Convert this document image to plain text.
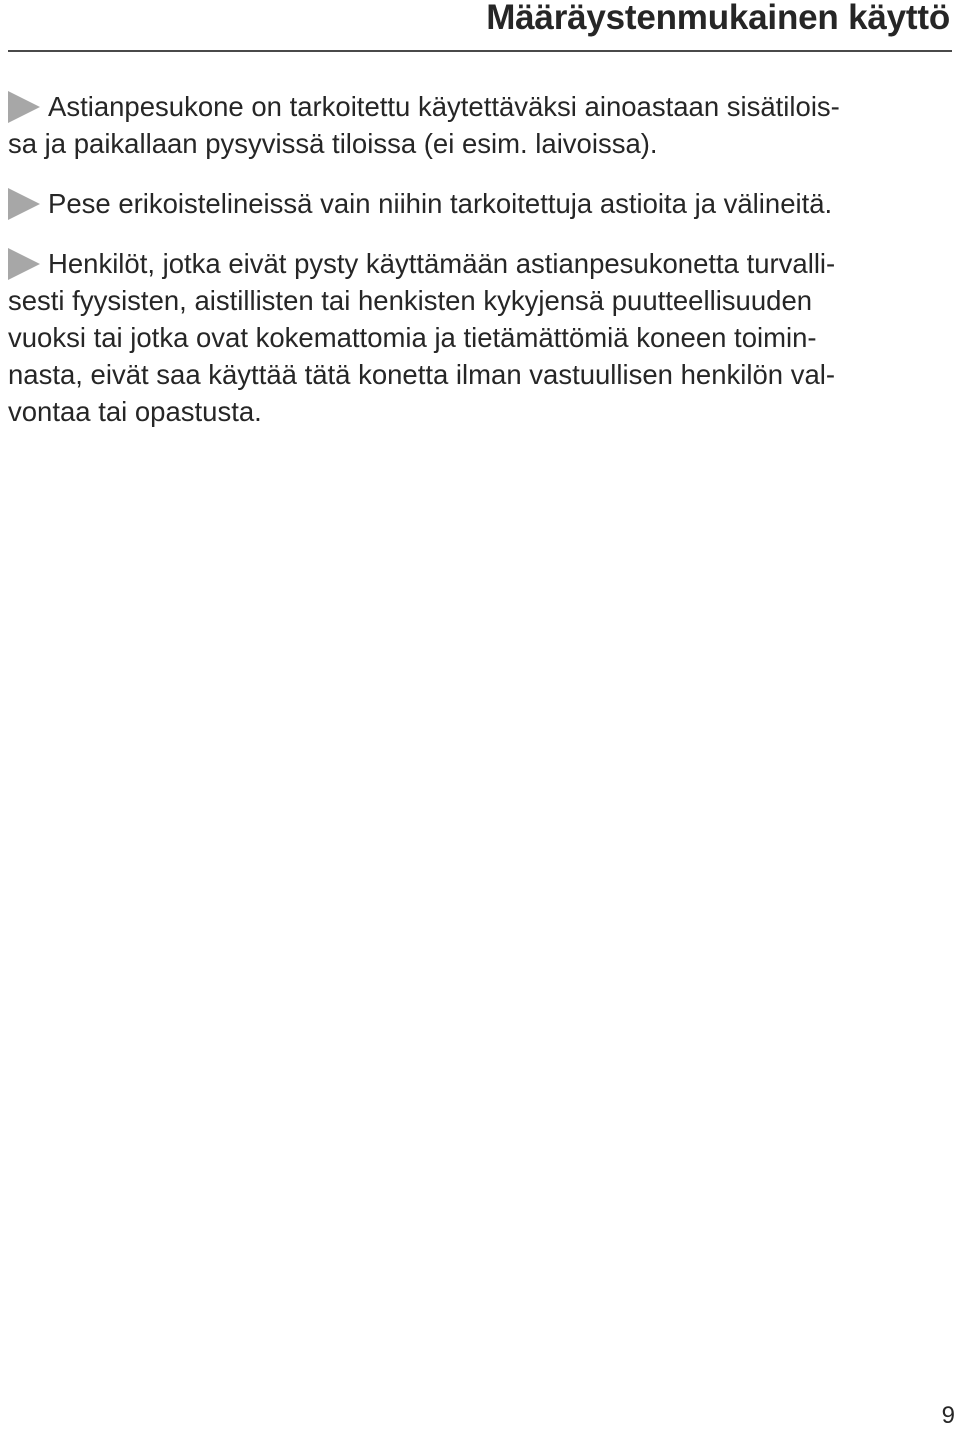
Määräystenmukainen käyttö

Astianpesukone on tarkoitettu käytettäväksi ainoastaan sisätilois-
sa ja paikallaan pysyvissä tiloissa (ei esim. laivoissa).

Pese erikoistelineissä vain niihin tarkoitettuja astioita ja välineitä.

Henkilöt, jotka eivät pysty käyttämään astianpesukonetta turvalli-
sesti fyysisten, aistillisten tai henkisten kykyjensä puutteellisuuden
vuoksi tai jotka ovat kokemattomia ja tietämättömiä koneen toimin-
nasta, eivät saa käyttää tätä konetta ilman vastuullisen henkilön val-
vontaa tai opastusta.

9
